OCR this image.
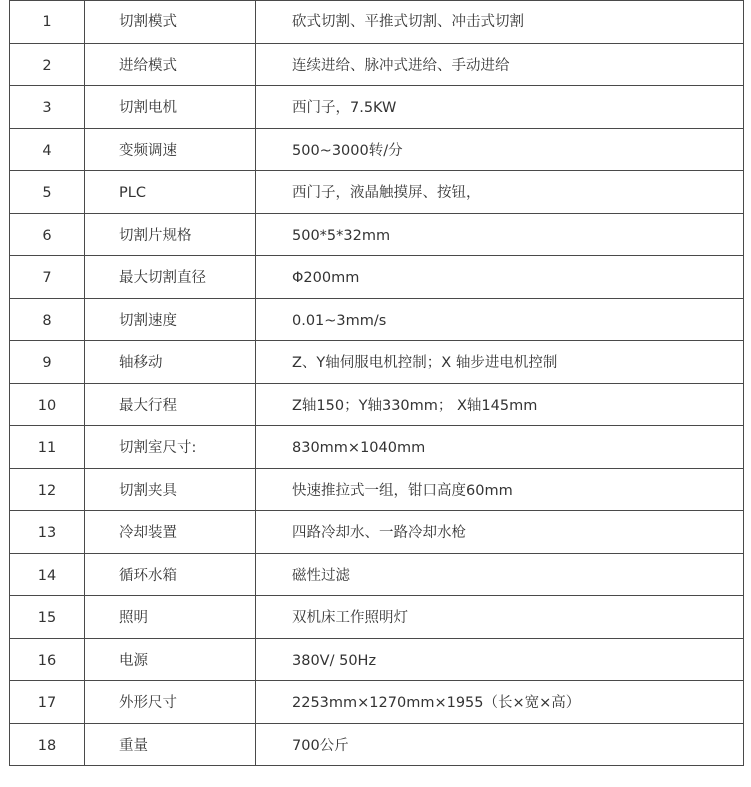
1	切割模式	砍式切割、平推式切割、冲击式切割

2	进给模式	连续进给、脉冲式进给、手动进给

3	切割电机	西门子，7.5KW

4	变频调速	500~3000转/分

5	PLC	西门子，液晶触摸屏、按钮，

6	切割片规格	500*5*32mm

7	最大切割直径	Φ200mm

8	切割速度	0.01~3mm/s

9	轴移动	Z、Y轴伺服电机控制；X 轴步进电机控制

10	最大行程	Z轴150；Y轴330mm； X轴145mm

11	切割室尺寸:	830mm×1040mm

12	切割夹具	快速推拉式一组，钳口高度60mm

13	冷却装置	四路冷却水、一路冷却水枪

14	循环水箱	磁性过滤

15	照明	双机床工作照明灯

16	电源	380V/ 50Hz

17	外形尺寸	2253mm×1270mm×1955（长×宽×高）

18	重量	700公斤
